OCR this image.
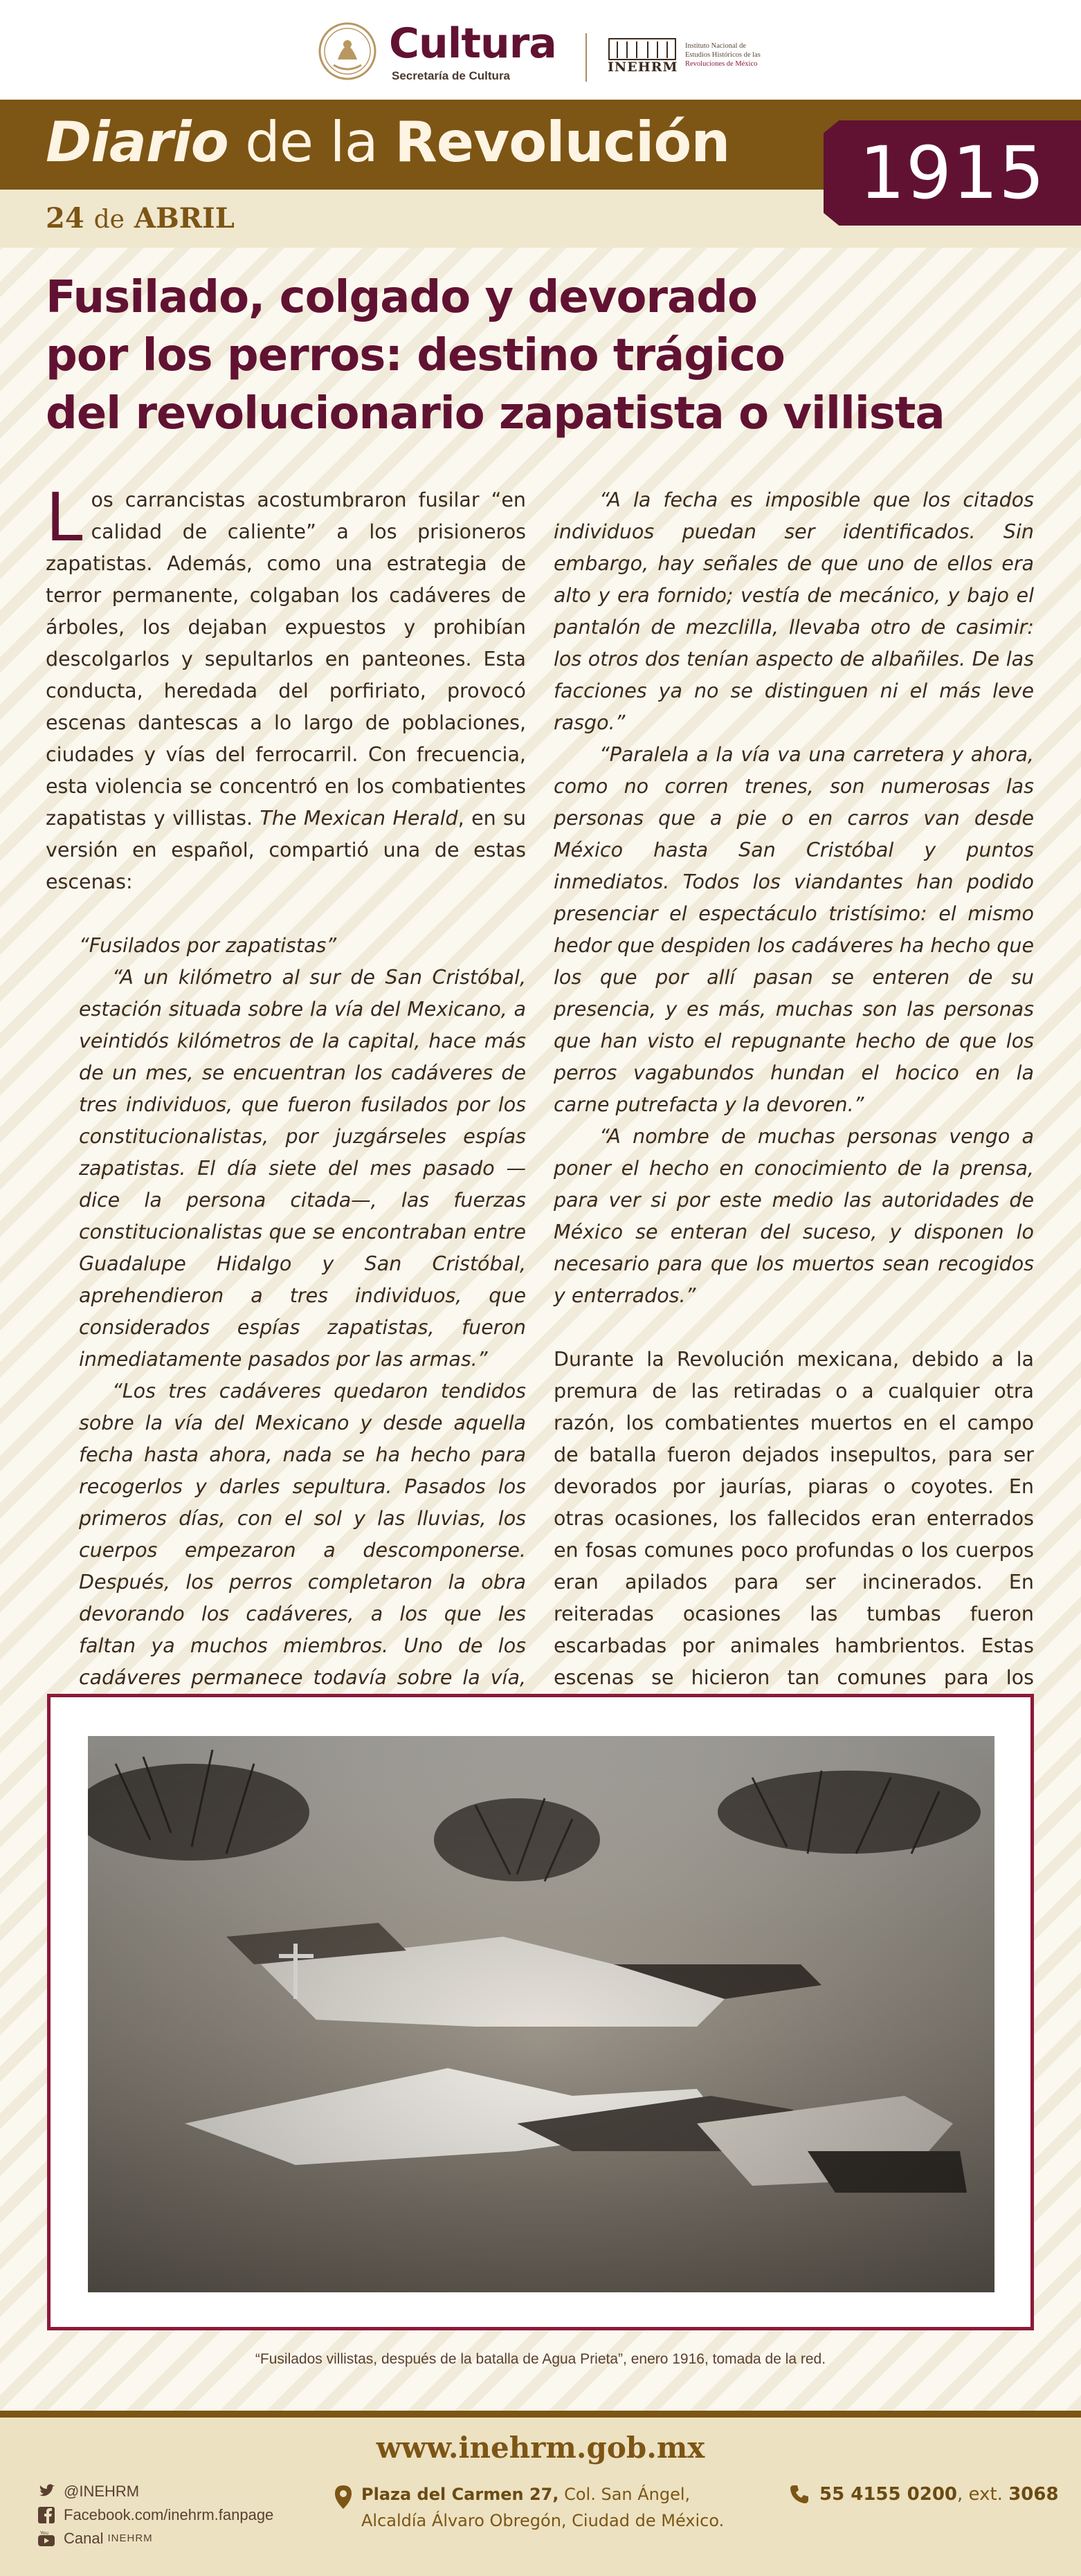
Cultura
Secretaría de Cultura
INEHRM
Instituto Nacional de
Estudios Históricos de las
Revoluciones de México
Diario de la Revolución
24 de ABRIL
1915
Fusilado, colgado y devorado
por los perros: destino trágico
del revolucionario zapatista o villista

Los carrancistas acostumbraron fusilar “en calidad de caliente” a los prisioneros zapatistas. Además, como una estrategia de terror permanente, colgaban los cadáveres de árboles, los dejaban expuestos y prohibían descolgarlos y sepultarlos en panteones. Esta conducta, heredada del porfiriato, provocó escenas dantescas a lo largo de poblaciones, ciudades y vías del ferrocarril. Con frecuencia, esta violencia se concentró en los combatientes zapatistas y villistas. The Mexican Herald, en su versión en español, compartió una de estas escenas:

“Fusilados por zapatistas”

“A un kilómetro al sur de San Cristóbal, estación situada sobre la vía del Mexicano, a veintidós kilómetros de la capital, hace más de un mes, se encuentran los cadáveres de tres individuos, que fueron fusilados por los constitucionalistas, por juzgárseles espías zapatistas. El día siete del mes pasado —dice la persona citada—, las fuerzas constitucionalistas que se encontraban entre Guadalupe Hidalgo y San Cristóbal, aprehendieron a tres individuos, que considerados espías zapatistas, fueron inmediatamente pasados por las armas.”

“Los tres cadáveres quedaron tendidos sobre la vía del Mexicano y desde aquella fecha hasta ahora, nada se ha hecho para recogerlos y darles sepultura. Pasados los primeros días, con el sol y las lluvias, los cuerpos empezaron a descomponerse. Después, los perros completaron la obra devorando los cadáveres, a los que les faltan ya muchos miembros. Uno de los cadáveres permanece todavía sobre la vía,

“A la fecha es imposible que los citados individuos puedan ser identificados. Sin embargo, hay señales de que uno de ellos era alto y era fornido; vestía de mecánico, y bajo el pantalón de mezclilla, llevaba otro de casimir: los otros dos tenían aspecto de albañiles. De las facciones ya no se distinguen ni el más leve rasgo.”

“Paralela a la vía va una carretera y ahora, como no corren trenes, son numerosas las personas que a pie o en carros van desde México hasta San Cristóbal y puntos inmediatos. Todos los viandantes han podido presenciar el espectáculo tristísimo: el mismo hedor que despiden los cadáveres ha hecho que los que por allí pasan se enteren de su presencia, y es más, muchas son las personas que han visto el repugnante hecho de que los perros vagabundos hundan el hocico en la carne putrefacta y la devoren.”

“A nombre de muchas personas vengo a poner el hecho en conocimiento de la prensa, para ver si por este medio las autoridades de México se enteran del suceso, y disponen lo necesario para que los muertos sean recogidos y enterrados.”

Durante la Revolución mexicana, debido a la premura de las retiradas o a cualquier otra razón, los combatientes muertos en el campo de batalla fueron dejados insepultos, para ser devorados por jaurías, piaras o coyotes. En otras ocasiones, los fallecidos eran enterrados en fosas comunes poco profundas o los cuerpos eran apilados para ser incinerados. En reiteradas ocasiones las tumbas fueron escarbadas por animales hambrientos. Estas escenas se hicieron tan comunes para los

“Fusilados villistas, después de la batalla de Agua Prieta”, enero 1916, tomada de la red.
www.inehrm.gob.mx
@INEHRM
Facebook.com/inehrm.fanpage
You Canal INEHRM
Plaza del Carmen 27, Col. San Ángel,
Alcaldía Álvaro Obregón, Ciudad de México.
55 4155 0200, ext. 3068
